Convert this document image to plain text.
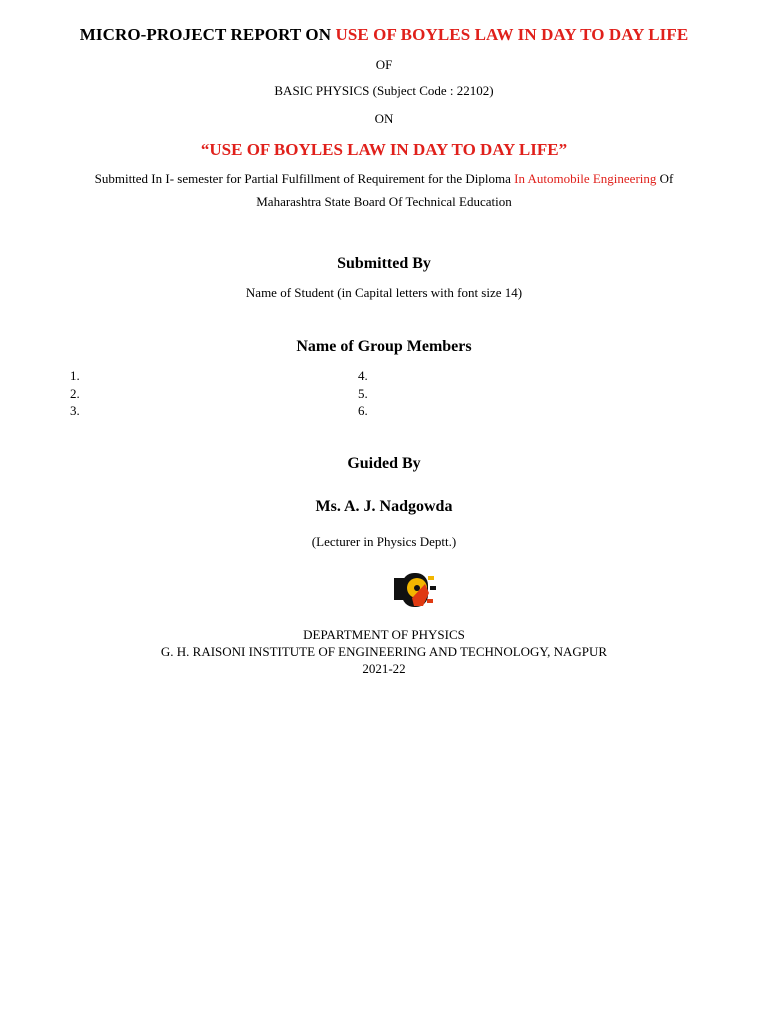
MICRO-PROJECT REPORT ON USE OF BOYLES LAW IN DAY TO DAY LIFE
OF
BASIC PHYSICS (Subject Code : 22102)
ON
“USE OF BOYLES LAW IN DAY TO DAY LIFE”
Submitted In I- semester for Partial Fulfillment of Requirement for the Diploma In Automobile Engineering Of
Maharashtra State Board Of Technical Education
Submitted By
Name of Student (in Capital letters with font size 14)
Name of Group Members
1.
2.
3.
4.
5.
6.
Guided By
Ms. A. J. Nadgowda
(Lecturer in Physics Deptt.)
DEPARTMENT OF PHYSICS
G. H. RAISONI INSTITUTE OF ENGINEERING AND TECHNOLOGY, NAGPUR
2021-22
